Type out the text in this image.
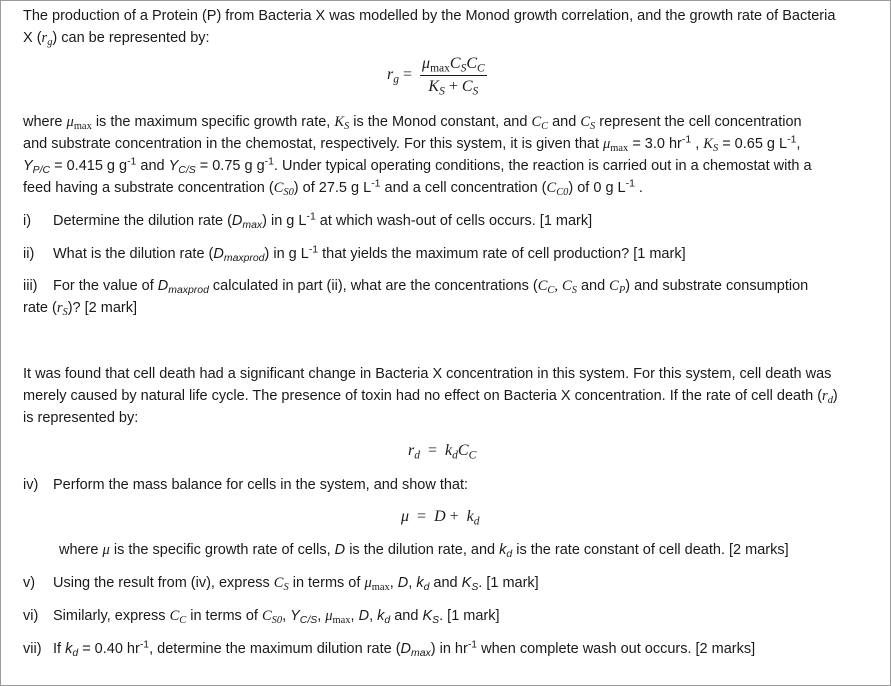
The production of a Protein (P) from Bacteria X was modelled by the Monod growth correlation, and the growth rate of Bacteria
X $(r_g)$ can be represented by:
$r_g = \frac{\mu_{max}C_SC_C}{K_S + C_S}$
where $\mu_{max}$ is the maximum specific growth rate, $K_S$ is the Monod constant, and $C_C$ and $C_S$ represent the cell concentration
and substrate concentration in the chemostat, respectively. For this system, it is given that $\mu_{max} = 3.0$ $hr^{-1}$ , $K_S = 0.65$ g $L^{-1}$,
$Y_{P/C} = 0.415$ g $g^{-1}$ and $Y_{C/S} = 0.75$ g $g^{-1}$. Under typical operating conditions, the reaction is carried out in a chemostat with a
feed having a substrate concentration $(C_{S0})$ of 27.5 g $L^{-1}$ and a cell concentration $(C_{C0})$ of 0 g $L^{-1}$ .
i) Determine the dilution rate $(D_{max})$ in g $L^{-1}$ at which wash-out of cells occurs. [1 mark]
ii) What is the dilution rate $(D_{maxprod})$ in g $L^{-1}$ that yields the maximum rate of cell production? [1 mark]
iii) For the value of $D_{maxprod}$ calculated in part (ii), what are the concentrations ($C_C$, $C_S$ and $C_P$) and substrate consumption
rate $(r_S)$? [2 mark]
It was found that cell death had a significant change in Bacteria X concentration in this system. For this system, cell death was
merely caused by natural life cycle. The presence of toxin had no effect on Bacteria X concentration. If the rate of cell death $(r_d)$
is represented by:
$r_d = k_dC_C$
iv) Perform the mass balance for cells in the system, and show that:
$\mu = D + k_d$
where μ is the specific growth rate of cells, D is the dilution rate, and $k_d$ is the rate constant of cell death. [2 marks]
v) Using the result from (iv), express $C_S$ in terms of $\mu_{max}$, D, $k_d$ and $K_S$. [1 mark]
vi) Similarly, express $C_C$ in terms of $C_{S0}$, $Y_{C/S}$, $\mu_{max}$, D, $k_d$ and $K_S$. [1 mark]
vii) If $k_d = 0.40$ $hr^{-1}$, determine the maximum dilution rate $(D_{max})$ in $hr^{-1}$ when complete wash out occurs. [2 marks]
